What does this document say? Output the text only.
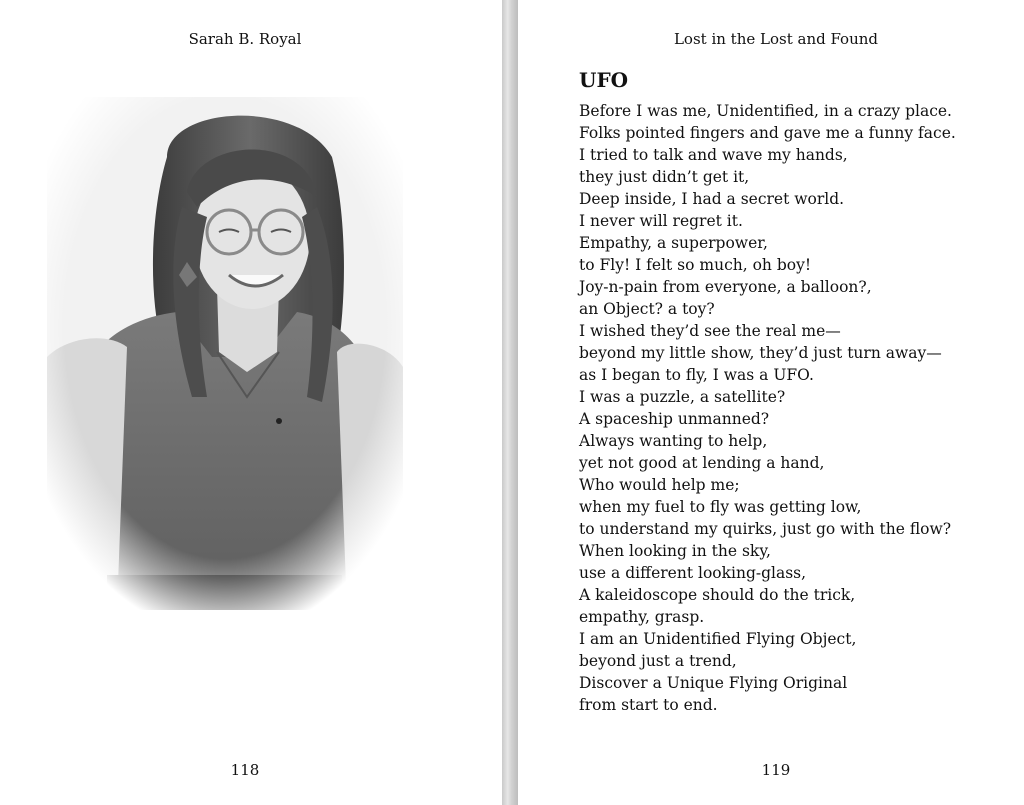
Sarah B. Royal
118
Lost in the Lost and Found
UFO
Before I was me, Unidentified, in a crazy place.
Folks pointed fingers and gave me a funny face.
I tried to talk and wave my hands,
they just didn’t get it,
Deep inside, I had a secret world.
I never will regret it.
Empathy, a superpower,
to Fly! I felt so much, oh boy!
Joy-n-pain from everyone, a balloon?,
an Object? a toy?
I wished they’d see the real me—
beyond my little show, they’d just turn away—
as I began to fly, I was a UFO.
I was a puzzle, a satellite?
A spaceship unmanned?
Always wanting to help,
yet not good at lending a hand,
Who would help me;
when my fuel to fly was getting low,
to understand my quirks, just go with the flow?
When looking in the sky,
use a different looking-glass,
A kaleidoscope should do the trick,
empathy, grasp.
I am an Unidentified Flying Object,
beyond just a trend,
Discover a Unique Flying Original
from start to end.
119
